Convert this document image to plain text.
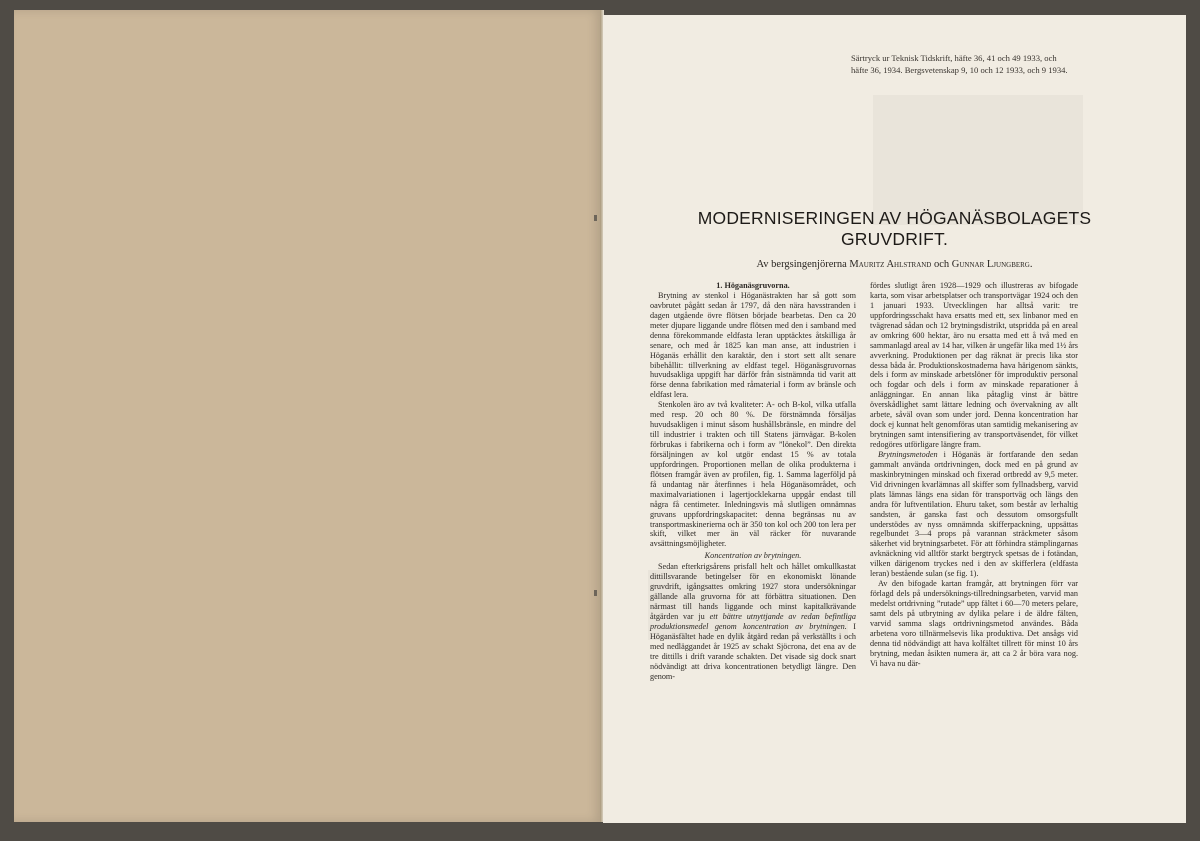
Särtryck ur Teknisk Tidskrift, häfte 36, 41 och 49 1933, och
häfte 36, 1934. Bergsvetenskap 9, 10 och 12 1933, och 9 1934.
MODERNISERINGEN AV HÖGANÄSBOLAGETS
GRUVDRIFT.
Av bergsingenjörerna Mauritz Ahlstrand och Gunnar Ljungberg.

1. Höganäsgruvorna.

Brytning av stenkol i Höganästrakten har så gott som oavbrutet pågått sedan år 1797, då den nära havsstranden i dagen utgående övre flötsen började bearbetas. Den ca 20 meter djupare liggande undre flötsen med den i samband med denna förekommande eldfasta leran upptäcktes åtskilliga år senare, och med år 1825 kan man anse, att industrien i Höganäs erhållit den karaktär, den i stort sett allt senare bibehållit: tillverkning av eldfast tegel. Höganäsgruvornas huvudsakliga uppgift har därför från sistnämnda tid varit att förse denna fabrikation med råmaterial i form av bränsle och eldfast lera.

Stenkolen äro av två kvaliteter: A- och B-kol, vilka utfalla med resp. 20 och 80 %. De förstnämnda försäljas huvudsakligen i minut såsom hushållsbränsle, en mindre del till industrier i trakten och till Statens järnvägar. B-kolen förbrukas i fabrikerna och i form av ”lönekol”. Den direkta försäljningen av kol utgör endast 15 % av totala uppfordringen. Proportionen mellan de olika produkterna i flötsen framgår även av profilen, fig. 1. Samma lagerföljd på få undantag när återfinnes i hela Höganäsområdet, och maximalvariationen i lagertjocklekarna uppgår endast till några få centimeter. Inledningsvis må slutligen omnämnas gruvans uppfordringskapacitet: denna begränsas nu av transportmaskinerierna och är 350 ton kol och 200 ton lera per skift, vilket mer än väl räcker för nuvarande avsättningsmöjligheter.

Koncentration av brytningen.

Sedan efterkrigsårens prisfall helt och hållet omkullkastat dittillsvarande betingelser för en ekonomiskt lönande gruvdrift, igångsattes omkring 1927 stora undersökningar gällande alla gruvorna för att förbättra situationen. Den närmast till hands liggande och minst kapitalkrävande åtgärden var ju ett bättre utnyttjande av redan befintliga produktionsmedel genom koncentration av brytningen. I Höganäsfältet hade en dylik åtgärd redan på verkställts i och med nedläggandet år 1925 av schakt Sjöcrona, det ena av de tre dittills i drift varande schakten. Det visade sig dock snart nödvändigt att driva koncentrationen betydligt längre. Den genom-

fördes slutligt åren 1928—1929 och illustreras av bifogade karta, som visar arbetsplatser och transportvägar 1924 och den 1 januari 1933. Utvecklingen har alltså varit: tre uppfordringsschakt hava ersatts med ett, sex linbanor med en tvägrenad sådan och 12 brytningsdistrikt, utspridda på en areal av omkring 600 hektar, äro nu ersatta med ett å två med en sammanlagd areal av 14 har, vilken är ungefär lika med 1½ års avverkning. Produktionen per dag räknat är precis lika stor dessa båda år. Produktionskostnaderna hava härigenom sänkts, dels i form av minskade arbetslöner för improduktiv personal och fogdar och dels i form av minskade reparationer å anläggningar. En annan lika påtaglig vinst är bättre överskådlighet samt lättare ledning och övervakning av allt arbete, såväl ovan som under jord. Denna koncentration har dock ej kunnat helt genomföras utan samtidig mekanisering av brytningen samt intensifiering av transportväsendet, för vilket redogöres utförligare längre fram.

Brytningsmetoden i Höganäs är fortfarande den sedan gammalt använda ortdrivningen, dock med en på grund av maskinbrytningen minskad och fixerad ortbredd av 9,5 meter. Vid drivningen kvarlämnas all skiffer som fyllnadsberg, varvid plats lämnas längs ena sidan för transportväg och längs den andra för luftventilation. Ehuru taket, som består av lerhaltig sandsten, är ganska fast och dessutom omsorgsfullt understödes av nyss omnämnda skifferpackning, uppsättas regelbundet 3—4 props på varannan sträckmeter såsom säkerhet vid brytningsarbetet. För att förhindra stämplingarnas avknäckning vid alltför starkt bergtryck spetsas de i fotändan, vilken därigenom tryckes ned i den av skifferlera (eldfasta leran) bestående sulan (se fig. 1).

Av den bifogade kartan framgår, att brytningen förr var förlagd dels på undersöknings-tillredningsarbeten, varvid man medelst ortdrivning ”rutade” upp fältet i 60—70 meters pelare, samt dels på utbrytning av dylika pelare i de äldre fälten, varvid samma slags ortdrivningsmetod användes. Båda arbetena voro tillnärmelsevis lika produktiva. Det ansågs vid denna tid nödvändigt att hava kolfältet tillrett för minst 10 års brytning, medan åsikten numera är, att ca 2 år böra vara nog. Vi hava nu där-
